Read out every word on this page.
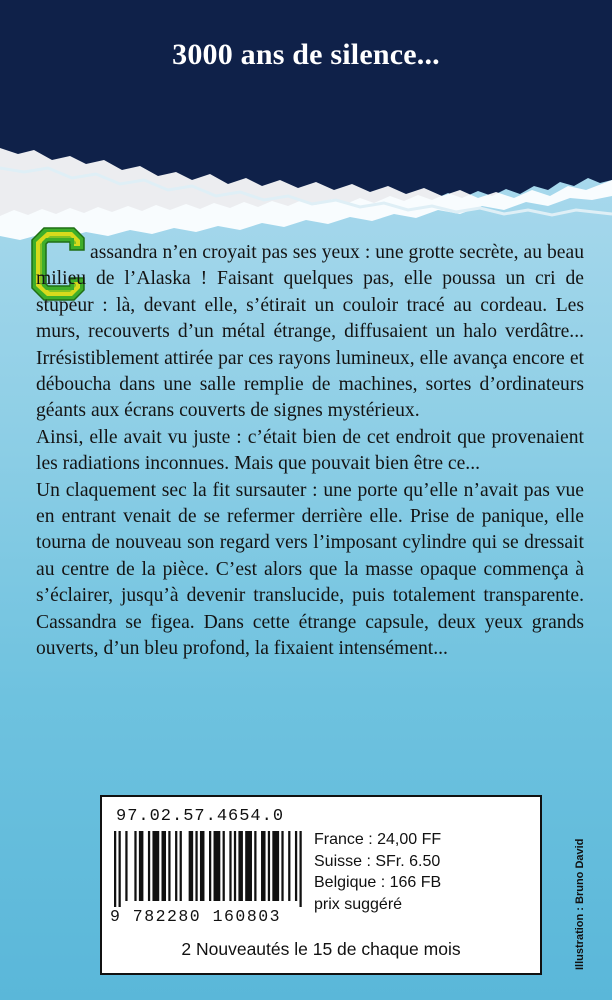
3000 ans de silence...

assandra n’en croyait pas ses yeux : une grotte secrète, au beau milieu de l’Alaska ! Faisant quelques pas, elle poussa un cri de stupeur : là, devant elle, s’étirait un couloir tracé au cordeau. Les murs, recouverts d’un métal étrange, diffusaient un halo verdâtre... Irrésistiblement attirée par ces rayons lumineux, elle avança encore et déboucha dans une salle remplie de machines, sortes d’ordinateurs géants aux écrans couverts de signes mystérieux.

Ainsi, elle avait vu juste : c’était bien de cet endroit que provenaient les radiations inconnues. Mais que pouvait bien être ce...

Un claquement sec la fit sursauter : une porte qu’elle n’avait pas vue en entrant venait de se refermer derrière elle. Prise de panique, elle tourna de nouveau son regard vers l’imposant cylindre qui se dressait au centre de la pièce. C’est alors que la masse opaque commença à s’éclairer, jusqu’à devenir translucide, puis totalement transparente. Cassandra se figea. Dans cette étrange capsule, deux yeux grands ouverts, d’un bleu profond, la fixaient intensément...

97.02.57.4654.0
9 782280 160803
France : 24,00 FF
Suisse : SFr. 6.50
Belgique : 166 FB
prix suggéré
2 Nouveautés le 15 de chaque mois	Illustration : Bruno David
